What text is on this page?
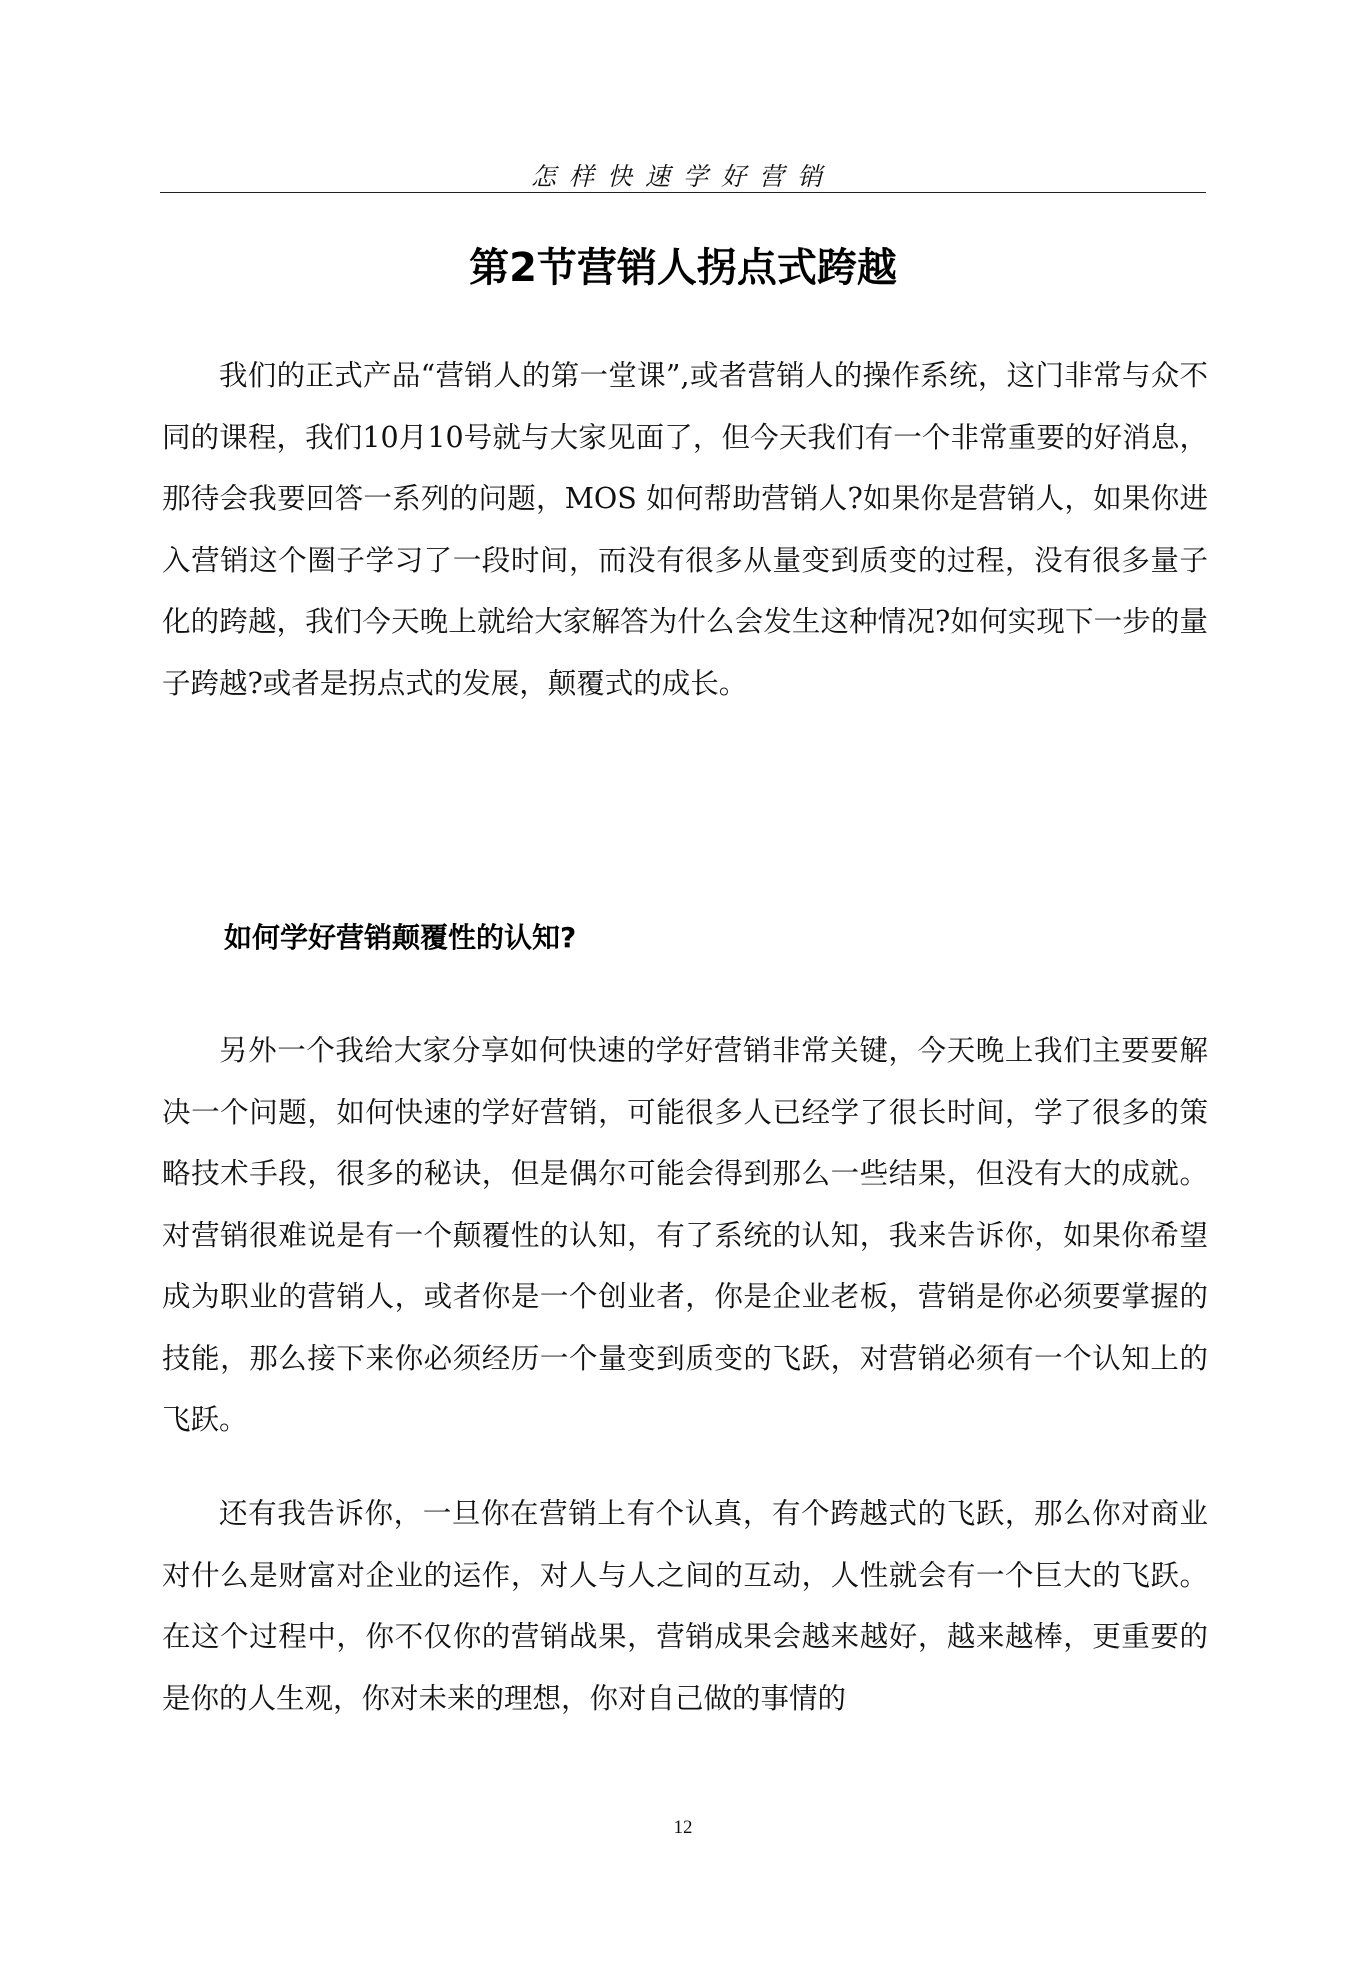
怎样快速学好营销
第2节营销人拐点式跨越

我们的正式产品“营销人的第一堂课”,或者营销人的操作系统，这门非常与众不同的课程，我们10月10号就与大家见面了，但今天我们有一个非常重要的好消息，那待会我要回答一系列的问题，MOS 如何帮助营销人?如果你是营销人，如果你进入营销这个圈子学习了一段时间，而没有很多从量变到质变的过程，没有很多量子化的跨越，我们今天晚上就给大家解答为什么会发生这种情况?如何实现下一步的量子跨越?或者是拐点式的发展，颠覆式的成长。

如何学好营销颠覆性的认知?

另外一个我给大家分享如何快速的学好营销非常关键，今天晚上我们主要要解决一个问题，如何快速的学好营销，可能很多人已经学了很长时间，学了很多的策略技术手段，很多的秘诀，但是偶尔可能会得到那么一些结果，但没有大的成就。对营销很难说是有一个颠覆性的认知，有了系统的认知，我来告诉你，如果你希望成为职业的营销人，或者你是一个创业者，你是企业老板，营销是你必须要掌握的技能，那么接下来你必须经历一个量变到质变的飞跃，对营销必须有一个认知上的飞跃。

还有我告诉你，一旦你在营销上有个认真，有个跨越式的飞跃，那么你对商业对什么是财富对企业的运作，对人与人之间的互动，人性就会有一个巨大的飞跃。在这个过程中，你不仅你的营销战果，营销成果会越来越好，越来越棒，更重要的是你的人生观，你对未来的理想，你对自己做的事情的

12
